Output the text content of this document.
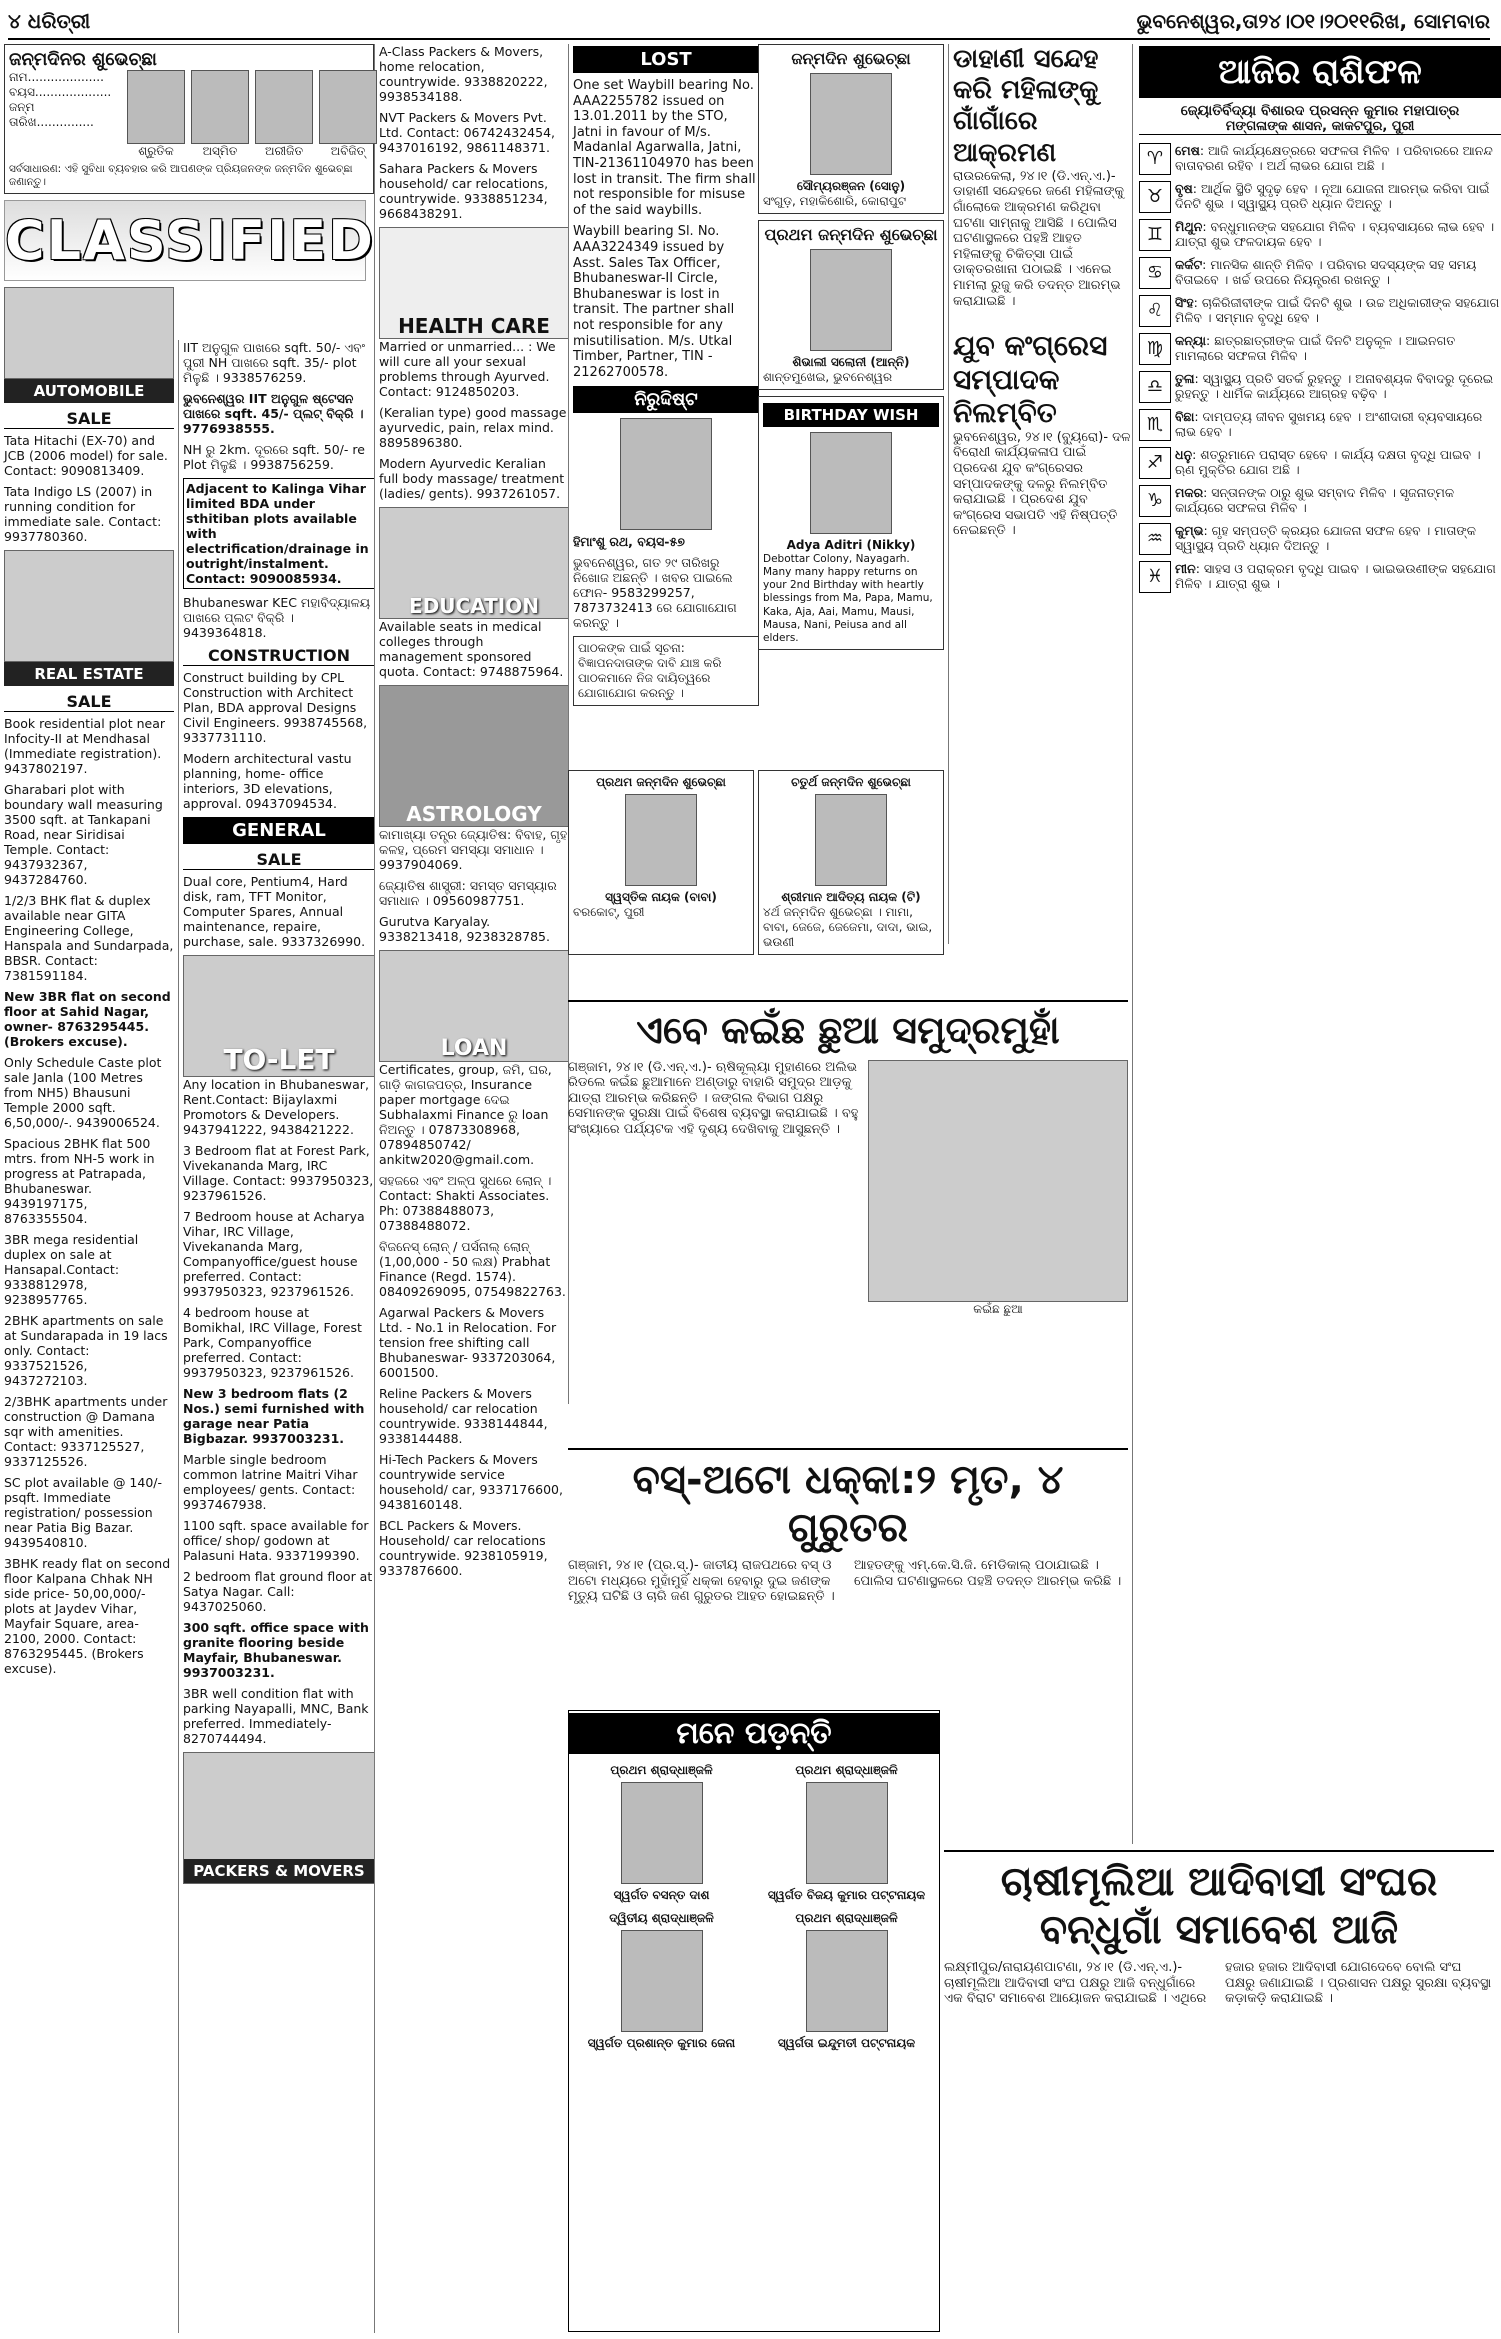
୪ ଧରିତ୍ରୀ	ଭୁବନେଶ୍ୱର,ତା୨୪।୦୧।୨୦୧୧ରିଖ, ସୋମବାର
ଜନ୍ମଦିନର ଶୁଭେଚ୍ଛା
ନାମ....................
ବୟସ....................
ଜନ୍ମ ତାରିଖ...............
ଶ୍ରୁତିକ	ଅସ୍ମିତ	ଅରୀଜିତ	ଅବିଜିତ୍
ସର୍ବସାଧାରଣ: ଏହି ସୁବିଧା ବ୍ୟବହାର କରି ଆପଣଙ୍କ ପ୍ରିୟଜନଙ୍କ ଜନ୍ମଦିନ ଶୁଭେଚ୍ଛା ଜଣାନ୍ତୁ।
CLASSIFIED
AUTOMOBILE
SALE

Tata Hitachi (EX-70) and JCB (2006 model) for sale. Contact: 9090813409.

Tata Indigo LS (2007) in running condition for immediate sale. Contact: 9937780360.

REAL ESTATE
SALE

Book residential plot near Infocity-II at Mendhasal (Immediate registration). 9437802197.

Gharabari plot with boundary wall measuring 3500 sqft. at Tankapani Road, near Siridisai Temple. Contact: 9437932367, 9437284760.

1/2/3 BHK flat & duplex available near GITA Engineering College, Hanspala and Sundarpada, BBSR. Contact: 7381591184.

New 3BR flat on second floor at Sahid Nagar, owner- 8763295445. (Brokers excuse).

Only Schedule Caste plot sale Janla (100 Metres from NH5) Bhausuni Temple 2000 sqft. 6,50,000/-. 9439006524.

Spacious 2BHK flat 500 mtrs. from NH-5 work in progress at Patrapada, Bhubaneswar. 9439197175, 8763355504.

3BR mega residential duplex on sale at Hansapal.Contact: 9338812978, 9238957765.

2BHK apartments on sale at Sundarapada in 19 lacs only. Contact: 9337521526, 9437272103.

2/3BHK apartments under construction @ Damana sqr with amenities. Contact: 9337125527, 9337125526.

SC plot available @ 140/- psqft. Immediate registration/ possession near Patia Big Bazar. 9439540810.

3BHK ready flat on second floor Kalpana Chhak NH side price- 50,00,000/- plots at Jaydev Vihar, Mayfair Square, area-2100, 2000. Contact: 8763295445. (Brokers excuse).

IIT ଅନୁଗୁଳ ପାଖରେ sqft. 50/- ଏବଂ ପୁରୀ NH ପାଖରେ sqft. 35/- plot ମିଳୁଛି । 9338576259.

ଭୁବନେଶ୍ୱର IIT ଅନୁଗୁଳ ଷ୍ଟେସନ ପାଖରେ sqft. 45/- ପ୍ଲଟ୍ ବିକ୍ରି । 9776938555.

NH ରୁ 2km. ଦୂରରେ sqft. 50/- re Plot ମିଳୁଛି । 9938756259.

Adjacent to Kalinga Vihar limited BDA under sthitiban plots available with electrification/drainage in outright/instalment. Contact: 9090085934.

Bhubaneswar KEC ମହାବିଦ୍ୟାଳୟ ପାଖରେ ପ୍ଲଟ ବିକ୍ରି । 9439364818.

CONSTRUCTION

Construct building by CPL Construction with Architect Plan, BDA approval Designs Civil Engineers. 9938745568, 9337731110.

Modern architectural vastu planning, home- office interiors, 3D elevations, approval. 09437094534.

GENERAL
SALE

Dual core, Pentium4, Hard disk, ram, TFT Monitor, Computer Spares, Annual maintenance, repaire, purchase, sale. 9337326990.

TO-LET

Any location in Bhubaneswar, Rent.Contact: Bijaylaxmi Promotors & Developers. 9437941222, 9438421222.

3 Bedroom flat at Forest Park, Vivekananda Marg, IRC Village. Contact: 9937950323, 9237961526.

7 Bedroom house at Acharya Vihar, IRC Village, Vivekananda Marg, Companyoffice/guest house preferred. Contact: 9937950323, 9237961526.

4 bedroom house at Bomikhal, IRC Village, Forest Park, Companyoffice preferred. Contact: 9937950323, 9237961526.

New 3 bedroom flats (2 Nos.) semi furnished with garage near Patia Bigbazar. 9937003231.

Marble single bedroom common latrine Maitri Vihar employees/ gents. Contact: 9937467938.

1100 sqft. space available for office/ shop/ godown at Palasuni Hata. 9337199390.

2 bedroom flat ground floor at Satya Nagar. Call: 9437025060.

300 sqft. office space with granite flooring beside Mayfair, Bhubaneswar. 9937003231.

3BR well condition flat with parking Nayapalli, MNC, Bank preferred. Immediately- 8270744494.

PACKERS & MOVERS

A-Class Packers & Movers, home relocation, countrywide. 9338820222, 9938534188.

NVT Packers & Movers Pvt. Ltd. Contact: 06742432454, 9437016192, 9861148371.

Sahara Packers & Movers household/ car relocations, countrywide. 9338851234, 9668438291.

HEALTH CARE

Married or unmarried... : We will cure all your sexual problems through Ayurved. Contact: 9124850203.

(Keralian type) good massage ayurvedic, pain, relax mind. 8895896380.

Modern Ayurvedic Keralian full body massage/ treatment (ladies/ gents). 9937261057.

EDUCATION

Available seats in medical colleges through management sponsored quota. Contact: 9748875964.

ASTROLOGY

କାମାଖ୍ୟା ତନ୍ତ୍ର ଜ୍ୟୋତିଷ: ବିବାହ, ଗୃହ କଳହ, ପ୍ରେମ ସମସ୍ୟା ସମାଧାନ । 9937904069.

ଜ୍ୟୋତିଷ ଶାସ୍ତ୍ରୀ: ସମସ୍ତ ସମସ୍ୟାର ସମାଧାନ । 09560987751.

Gurutva Karyalay. 9338213418, 9238328785.

LOAN

Certificates, group, ଜମି, ଘର, ଗାଡ଼ି କାଗଜପତ୍ର, Insurance paper mortgage ଦେଇ Subhalaxmi Finance ରୁ loan ନିଅନ୍ତୁ । 07873308968, 07894850742/ ankitw2020@gmail.com.

ସହଜରେ ଏବଂ ଅଳ୍ପ ସୁଧରେ ଲୋନ୍ । Contact: Shakti Associates. Ph: 07388488073, 07388488072.

ବିଜନେସ୍ ଲୋନ୍ / ପର୍ସନାଲ୍ ଲୋନ୍ (1,00,000 - 50 ଲକ୍ଷ) Prabhat Finance (Regd. 1574). 08409269095, 07549822763.

Agarwal Packers & Movers Ltd. - No.1 in Relocation. For tension free shifting call Bhubaneswar- 9337203064, 6001500.

Reline Packers & Movers household/ car relocation countrywide. 9338144844, 9338144488.

Hi-Tech Packers & Movers countrywide service household/ car, 9337176600, 9438160148.

BCL Packers & Movers. Household/ car relocations countrywide. 9238105919, 9337876600.

LOST

One set Waybill bearing No. AAA2255782 issued on 13.01.2011 by the STO, Jatni in favour of M/s. Madanlal Agarwalla, Jatni, TIN-21361104970 has been lost in transit. The firm shall not responsible for misuse of the said waybills.

Waybill bearing Sl. No. AAA3224349 issued by Asst. Sales Tax Officer, Bhubaneswar-II Circle, Bhubaneswar is lost in transit. The partner shall not responsible for any misutilisation. M/s. Utkal Timber, Partner, TIN - 21262700578.

ନିରୁଦ୍ଦିଷ୍ଟ

ହିମାଂଶୁ ରଥ, ବୟସ-୫୭

ଭୁବନେଶ୍ୱର, ଗତ ୨୯ ତାରିଖରୁ ନିଖୋଜ ଅଛନ୍ତି । ଖବର ପାଇଲେ ଫୋନ- 9583299257, 7873732413 ରେ ଯୋଗାଯୋଗ କରନ୍ତୁ ।

ପାଠକଙ୍କ ପାଇଁ ସୂଚନା: ବିଜ୍ଞାପନଦାତାଙ୍କ ଦାବି ଯାଞ୍ଚ କରି ପାଠକମାନେ ନିଜ ଦାୟିତ୍ୱରେ ଯୋଗାଯୋଗ କରନ୍ତୁ ।
ଜନ୍ମଦିନ ଶୁଭେଚ୍ଛା
ସୌମ୍ୟରଞ୍ଜନ (ସୋନୁ)
ସଂଗୁଡ଼, ମହାକିଶୋରି, କୋରାପୁଟ
ପ୍ରଥମ ଜନ୍ମଦିନ ଶୁଭେଚ୍ଛା
ଶିଭାଲୀ ସଲୋନୀ (ଆନ୍ନି)
ଶାନ୍ତମୁଖେଇ, ଭୁବନେଶ୍ୱର
BIRTHDAY WISH
Adya Aditri (Nikky)
Debottar Colony, Nayagarh. Many many happy returns on your 2nd Birthday with heartly blessings from Ma, Papa, Mamu, Kaka, Aja, Aai, Mamu, Mausi, Mausa, Nani, Peiusa and all elders.
ପ୍ରଥମ ଜନ୍ମଦିନ ଶୁଭେଚ୍ଛା
ସ୍ୱସ୍ତିକ ନାୟକ (ବାବା)
ବରକୋଟ୍, ପୁରୀ
ଚତୁର୍ଥ ଜନ୍ମଦିନ ଶୁଭେଚ୍ଛା
ଶ୍ରୀମାନ ଆଦିତ୍ୟ ନାୟକ (ଟି)
୪ର୍ଥ ଜନ୍ମଦିନ ଶୁଭେଚ୍ଛା । ମାମା, ବାବା, ଜେଜେ, ଜେଜେମା, ଦାଦା, ଭାଇ, ଭଉଣୀ
ଡାହାଣୀ ସନ୍ଦେହ କରି ମହିଳାଙ୍କୁ ଗାଁଗାଁରେ ଆକ୍ରମଣ

ରାଉରକେଲା, ୨୪।୧ (ଡି.ଏନ୍.ଏ.)- ଡାହାଣୀ ସନ୍ଦେହରେ ଜଣେ ମହିଳାଙ୍କୁ ଗାଁଲୋକେ ଆକ୍ରମଣ କରିଥିବା ଘଟଣା ସାମ୍ନାକୁ ଆସିଛି । ପୋଲିସ ଘଟଣାସ୍ଥଳରେ ପହଞ୍ଚି ଆହତ ମହିଳାଙ୍କୁ ଚିକିତ୍ସା ପାଇଁ ଡାକ୍ତରଖାନା ପଠାଇଛି । ଏନେଇ ମାମଲା ରୁଜୁ କରି ତଦନ୍ତ ଆରମ୍ଭ କରାଯାଇଛି ।

ଯୁବ କଂଗ୍ରେସ ସମ୍ପାଦକ ନିଲମ୍ବିତ

ଭୁବନେଶ୍ୱର, ୨୪।୧ (ବ୍ୟୁରୋ)- ଦଳ ବିରୋଧୀ କାର୍ଯ୍ୟକଳାପ ପାଇଁ ପ୍ରଦେଶ ଯୁବ କଂଗ୍ରେସର ସମ୍ପାଦକଙ୍କୁ ଦଳରୁ ନିଲମ୍ବିତ କରାଯାଇଛି । ପ୍ରଦେଶ ଯୁବ କଂଗ୍ରେସ ସଭାପତି ଏହି ନିଷ୍ପତ୍ତି ନେଇଛନ୍ତି ।

ଏବେ କଇଁଛ ଛୁଆ ସମୁଦ୍ରମୁହାଁ

ଗଞ୍ଜାମ, ୨୪।୧ (ଡି.ଏନ୍.ଏ.)- ଋଷିକୂଲ୍ୟା ମୁହାଣରେ ଅଲିଭ ରିଡଲେ କଇଁଛ ଛୁଆମାନେ ଅଣ୍ଡାରୁ ବାହାରି ସମୁଦ୍ର ଆଡ଼କୁ ଯାତ୍ରା ଆରମ୍ଭ କରିଛନ୍ତି । ଜଙ୍ଗଲ ବିଭାଗ ପକ୍ଷରୁ ସେମାନଙ୍କ ସୁରକ୍ଷା ପାଇଁ ବିଶେଷ ବ୍ୟବସ୍ଥା କରାଯାଇଛି । ବହୁ ସଂଖ୍ୟାରେ ପର୍ଯ୍ୟଟକ ଏହି ଦୃଶ୍ୟ ଦେଖିବାକୁ ଆସୁଛନ୍ତି ।

କଇଁଛ ଛୁଆ
ବସ୍-ଅଟୋ ଧକ୍କା:୨ ମୃତ, ୪ ଗୁରୁତର

ଗଞ୍ଜାମ, ୨୪।୧ (ପ୍ର.ସ୍.)- ଜାତୀୟ ରାଜପଥରେ ବସ୍ ଓ ଅଟୋ ମଧ୍ୟରେ ମୁହାଁମୁହିଁ ଧକ୍କା ହେବାରୁ ଦୁଇ ଜଣଙ୍କ ମୃତ୍ୟୁ ଘଟିଛି ଓ ଚାରି ଜଣ ଗୁରୁତର ଆହତ ହୋଇଛନ୍ତି । ଆହତଙ୍କୁ ଏମ୍.କେ.ସି.ଜି. ମେଡିକାଲ୍ ପଠାଯାଇଛି । ପୋଲିସ ଘଟଣାସ୍ଥଳରେ ପହଞ୍ଚି ତଦନ୍ତ ଆରମ୍ଭ କରିଛି ।

ମନେ ପଡ଼ନ୍ତି
ପ୍ରଥମ ଶ୍ରାଦ୍ଧାଞ୍ଜଳି
ସ୍ୱର୍ଗତ ବସନ୍ତ ଦାଶ
ପ୍ରଥମ ଶ୍ରାଦ୍ଧାଞ୍ଜଳି
ସ୍ୱର୍ଗତ ବିଜୟ କୁମାର ପଟ୍ଟନାୟକ
ଦ୍ୱିତୀୟ ଶ୍ରାଦ୍ଧାଞ୍ଜଳି
ସ୍ୱର୍ଗତ ପ୍ରଶାନ୍ତ କୁମାର ଜେନା
ପ୍ରଥମ ଶ୍ରାଦ୍ଧାଞ୍ଜଳି
ସ୍ୱର୍ଗତା ଇନ୍ଦୁମତୀ ପଟ୍ଟନାୟକ
ଚାଷୀମୂଲିଆ ଆଦିବାସୀ ସଂଘର ବନ୍ଧୁଗାଁ ସମାବେଶ ଆଜି

ଲକ୍ଷ୍ମୀପୁର/ନାରାୟଣପାଟଣା, ୨୪।୧ (ଡି.ଏନ୍.ଏ.)- ଚାଷୀମୂଲିଆ ଆଦିବାସୀ ସଂଘ ପକ୍ଷରୁ ଆଜି ବନ୍ଧୁଗାଁରେ ଏକ ବିରାଟ ସମାବେଶ ଆୟୋଜନ କରାଯାଇଛି । ଏଥିରେ ହଜାର ହଜାର ଆଦିବାସୀ ଯୋଗଦେବେ ବୋଲି ସଂଘ ପକ୍ଷରୁ ଜଣାଯାଇଛି । ପ୍ରଶାସନ ପକ୍ଷରୁ ସୁରକ୍ଷା ବ୍ୟବସ୍ଥା କଡ଼ାକଡ଼ି କରାଯାଇଛି ।

ଆଜିର ରାଶିଫଳ
ଜ୍ୟୋତିର୍ବିଦ୍ୟା ବିଶାରଦ ପ୍ରସନ୍ନ କୁମାର ମହାପାତ୍ର
ମଙ୍ଗଳାଙ୍କ ଶାସନ, କାକଟପୁର, ପୁରୀ
♈ ମେଷ: ଆଜି କାର୍ଯ୍ୟକ୍ଷେତ୍ରରେ ସଫଳତା ମିଳିବ । ପରିବାରରେ ଆନନ୍ଦ ବାତାବରଣ ରହିବ । ଅର୍ଥ ଲାଭର ଯୋଗ ଅଛି ।
♉ ବୃଷ: ଆର୍ଥିକ ସ୍ଥିତି ସୁଦୃଢ଼ ହେବ । ନୂଆ ଯୋଜନା ଆରମ୍ଭ କରିବା ପାଇଁ ଦିନଟି ଶୁଭ । ସ୍ୱାସ୍ଥ୍ୟ ପ୍ରତି ଧ୍ୟାନ ଦିଅନ୍ତୁ ।
♊ ମିଥୁନ: ବନ୍ଧୁମାନଙ୍କ ସହଯୋଗ ମିଳିବ । ବ୍ୟବସାୟରେ ଲାଭ ହେବ । ଯାତ୍ରା ଶୁଭ ଫଳଦାୟକ ହେବ ।
♋ କର୍କଟ: ମାନସିକ ଶାନ୍ତି ମିଳିବ । ପରିବାର ସଦସ୍ୟଙ୍କ ସହ ସମୟ ବିତାଇବେ । ଖର୍ଚ୍ଚ ଉପରେ ନିୟନ୍ତ୍ରଣ ରଖନ୍ତୁ ।
♌ ସିଂହ: ଚାକିରିଜୀବୀଙ୍କ ପାଇଁ ଦିନଟି ଶୁଭ । ଉଚ୍ଚ ଅଧିକାରୀଙ୍କ ସହଯୋଗ ମିଳିବ । ସମ୍ମାନ ବୃଦ୍ଧି ହେବ ।
♍ କନ୍ୟା: ଛାତ୍ରଛାତ୍ରୀଙ୍କ ପାଇଁ ଦିନଟି ଅନୁକୂଳ । ଆଇନଗତ ମାମଲାରେ ସଫଳତା ମିଳିବ ।
♎ ତୁଳା: ସ୍ୱାସ୍ଥ୍ୟ ପ୍ରତି ସତର୍କ ରୁହନ୍ତୁ । ଅନାବଶ୍ୟକ ବିବାଦରୁ ଦୂରେଇ ରୁହନ୍ତୁ । ଧାର୍ମିକ କାର୍ଯ୍ୟରେ ଆଗ୍ରହ ବଢ଼ିବ ।
♏ ବିଛା: ଦାମ୍ପତ୍ୟ ଜୀବନ ସୁଖମୟ ହେବ । ଅଂଶୀଦାରୀ ବ୍ୟବସାୟରେ ଲାଭ ହେବ ।
♐ ଧନୁ: ଶତ୍ରୁମାନେ ପରାସ୍ତ ହେବେ । କାର୍ଯ୍ୟ ଦକ୍ଷତା ବୃଦ୍ଧି ପାଇବ । ଋଣ ମୁକ୍ତିର ଯୋଗ ଅଛି ।
♑ ମକର: ସନ୍ତାନଙ୍କ ଠାରୁ ଶୁଭ ସମ୍ବାଦ ମିଳିବ । ସୃଜନାତ୍ମକ କାର୍ଯ୍ୟରେ ସଫଳତା ମିଳିବ ।
♒ କୁମ୍ଭ: ଗୃହ ସମ୍ପତ୍ତି କ୍ରୟର ଯୋଜନା ସଫଳ ହେବ । ମାତାଙ୍କ ସ୍ୱାସ୍ଥ୍ୟ ପ୍ରତି ଧ୍ୟାନ ଦିଅନ୍ତୁ ।
♓ ମୀନ: ସାହସ ଓ ପରାକ୍ରମ ବୃଦ୍ଧି ପାଇବ । ଭାଇଭଉଣୀଙ୍କ ସହଯୋଗ ମିଳିବ । ଯାତ୍ରା ଶୁଭ ।
